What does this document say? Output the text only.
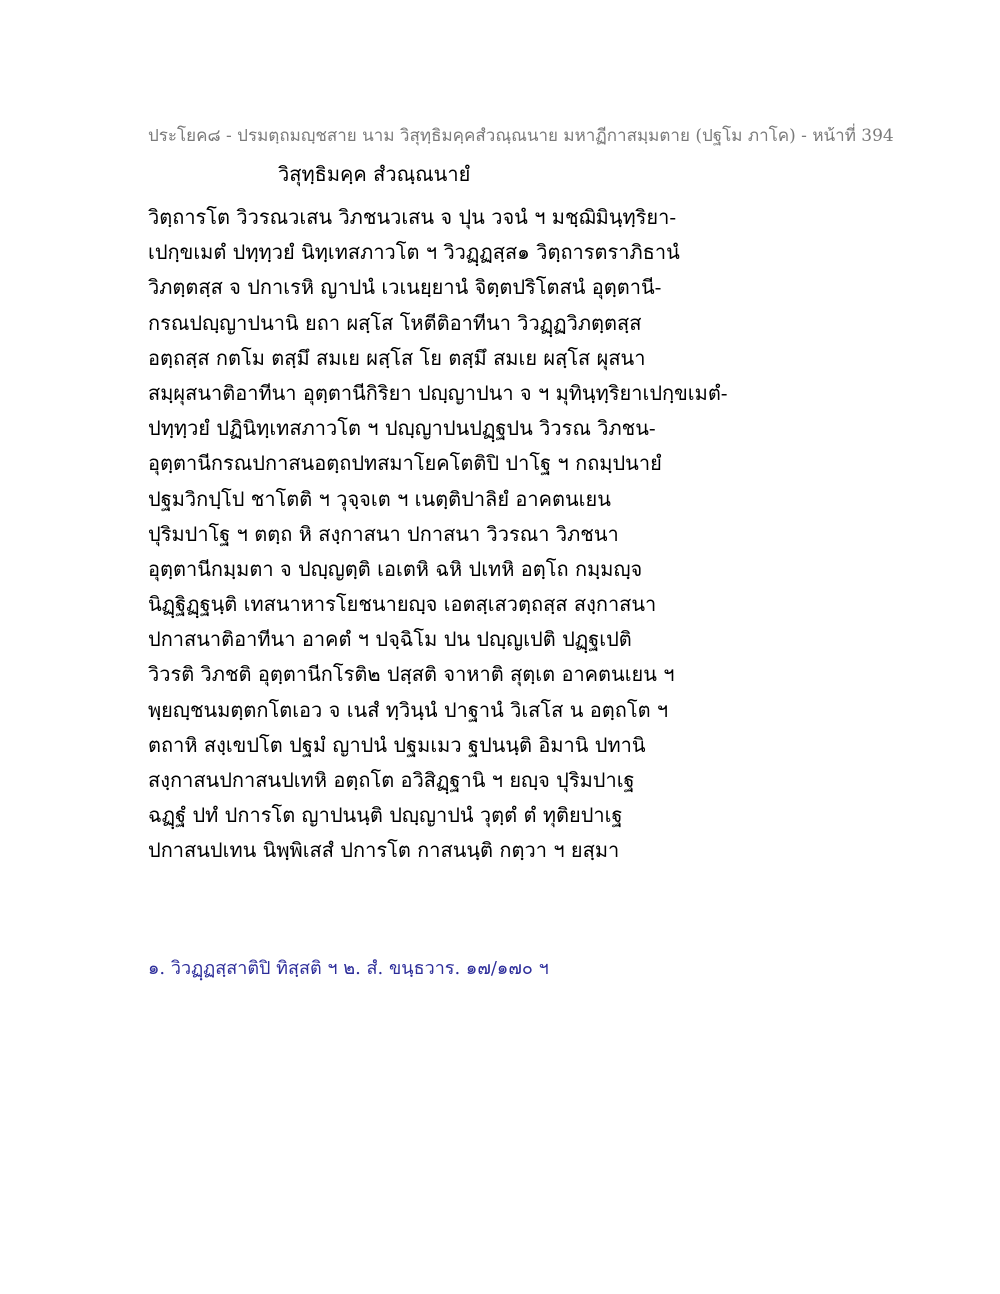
ประโยค๘ - ปรมตฺถมญฺชสาย นาม วิสุทฺธิมคฺคสํวณฺณนาย มหาฏีกาสมฺมตาย (ปฐโม ภาโค) - หน้าที่ 394
วิสุทฺธิมคฺค สํวณฺณนายํ
วิตฺถารโต วิวรณวเสน วิภชนวเสน จ ปุน วจนํ ฯ มชฺฌิมินฺทฺริยา-
เปกฺขเมตํ ปทฺทฺวยํ นิทฺเทสภาวโต ฯ วิวฏฺฏสฺส๑ วิตฺถารตราภิธานํ
วิภตฺตสฺส จ ปกาเรหิ ญาปนํ เวเนยฺยานํ จิตฺตปริโตสนํ อุตฺตานี-
กรณปญฺญาปนานิ ยถา ผสฺโส โหตีติอาทีนา วิวฏฺฏวิภตฺตสฺส
อตฺถสฺส กตโม ตสฺมึ สมเย ผสฺโส โย ตสฺมึ สมเย ผสฺโส ผุสนา
สมฺผุสนาติอาทีนา อุตฺตานีกิริยา ปญฺญาปนา จ ฯ มุทินฺทฺริยาเปกฺขเมตํ-
ปทฺทฺวยํ ปฏินิทฺเทสภาวโต ฯ ปญฺญาปนปฏฺฐปน วิวรณ วิภชน-
อุตฺตานีกรณปกาสนอตฺถปทสมาโยคโตติปิ ปาโฐ ฯ กถมฺปนายํ
ปฐมวิกปฺโป ชาโตติ ฯ วุจฺจเต ฯ เนตฺติปาลิยํ อาคตนเยน
ปุริมปาโฐ ฯ ตตฺถ หิ สงฺกาสนา ปกาสนา วิวรณา วิภชนา
อุตฺตานีกมฺมตา จ ปญฺญตฺติ เอเตหิ ฉหิ ปเทหิ อตฺโถ กมฺมญฺจ
นิฏฺฐิฏฺฐนฺติ เทสนาหารโยชนายญฺจ เอตสฺเสวตฺถสฺส สงฺกาสนา
ปกาสนาติอาทีนา อาคตํ ฯ ปจฺฉิโม ปน ปญฺญเปติ ปฏฺฐเปติ
วิวรติ วิภชติ อุตฺตานีกโรติ๒ ปสฺสติ จาหาติ สุตฺเต อาคตนเยน ฯ
พฺยญฺชนมตฺตกโตเอว จ เนสํ ทฺวินฺนํ ปาฐานํ วิเสโส น อตฺถโต ฯ
ตถาหิ สงฺเขปโต ปฐมํ ญาปนํ ปฐมเมว ฐปนนฺติ อิมานิ ปทานิ
สงฺกาสนปกาสนปเทหิ อตฺถโต อวิสิฏฺฐานิ ฯ ยญฺจ ปุริมปาเฐ
ฉฏฺฐํ ปทํ ปการโต ญาปนนฺติ ปญฺญาปนํ วุตฺตํ ตํ ทุติยปาเฐ
ปกาสนปเทน นิพฺพิเสสํ ปการโต กาสนนฺติ กตฺวา ฯ ยสฺมา
๑. วิวฏฺฏสฺสาติปิ ทิสฺสติ ฯ ๒. สํ. ขนฺธวาร. ๑๗/๑๗๐ ฯ
